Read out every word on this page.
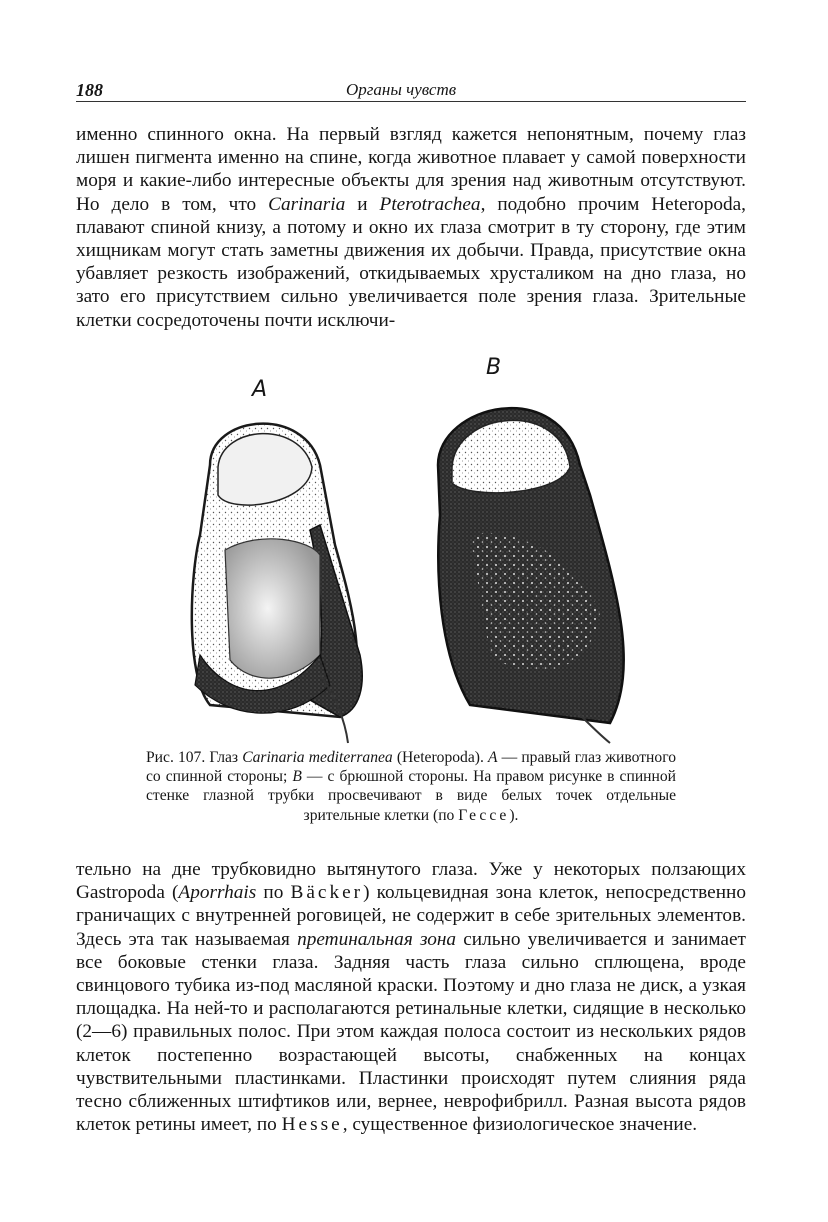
188	Органы чувств

именно спинного окна. На первый взгляд кажется непонятным, почему глаз лишен пигмента именно на спине, когда животное плавает у самой поверхности моря и какие-либо интересные объекты для зрения над животным отсутствуют. Но дело в том, что Carinaria и Pterotrachea, подобно прочим Heteropoda, плавают спиной книзу, а потому и окно их глаза смотрит в ту сторону, где этим хищникам могут стать заметны движения их добычи. Правда, присутствие окна убавляет резкость изображений, откидываемых хрусталиком на дно глаза, но зато его присутствием сильно увеличивается поле зрения глаза. Зрительные клетки сосредоточены почти исключи-

A
B

Рис. 107. Глаз Carinaria mediterranea (Heteropoda). A — правый глаз животного со спинной стороны; B — с брюшной стороны. На правом рисунке в спинной стенке глазной трубки просвечивают в виде белых точек отдельные зрительные клетки (по Гессе).

тельно на дне трубковидно вытянутого глаза. Уже у некоторых ползающих Gastropoda (Aporrhais по Bäcker) кольцевидная зона клеток, непосредственно граничащих с внутренней роговицей, не содержит в себе зрительных элементов. Здесь эта так называемая претинальная зона сильно увеличивается и занимает все боковые стенки глаза. Задняя часть глаза сильно сплющена, вроде свинцового тубика из-под масляной краски. Поэтому и дно глаза не диск, а узкая площадка. На ней-то и располагаются ретинальные клетки, сидящие в несколько (2—6) правильных полос. При этом каждая полоса состоит из нескольких рядов клеток постепенно возрастающей высоты, снабженных на концах чувствительными пластинками. Пластинки происходят путем слияния ряда тесно сближенных штифтиков или, вернее, неврофибрилл. Разная высота рядов клеток ретины имеет, по Hesse, существенное физиологическое значение.
